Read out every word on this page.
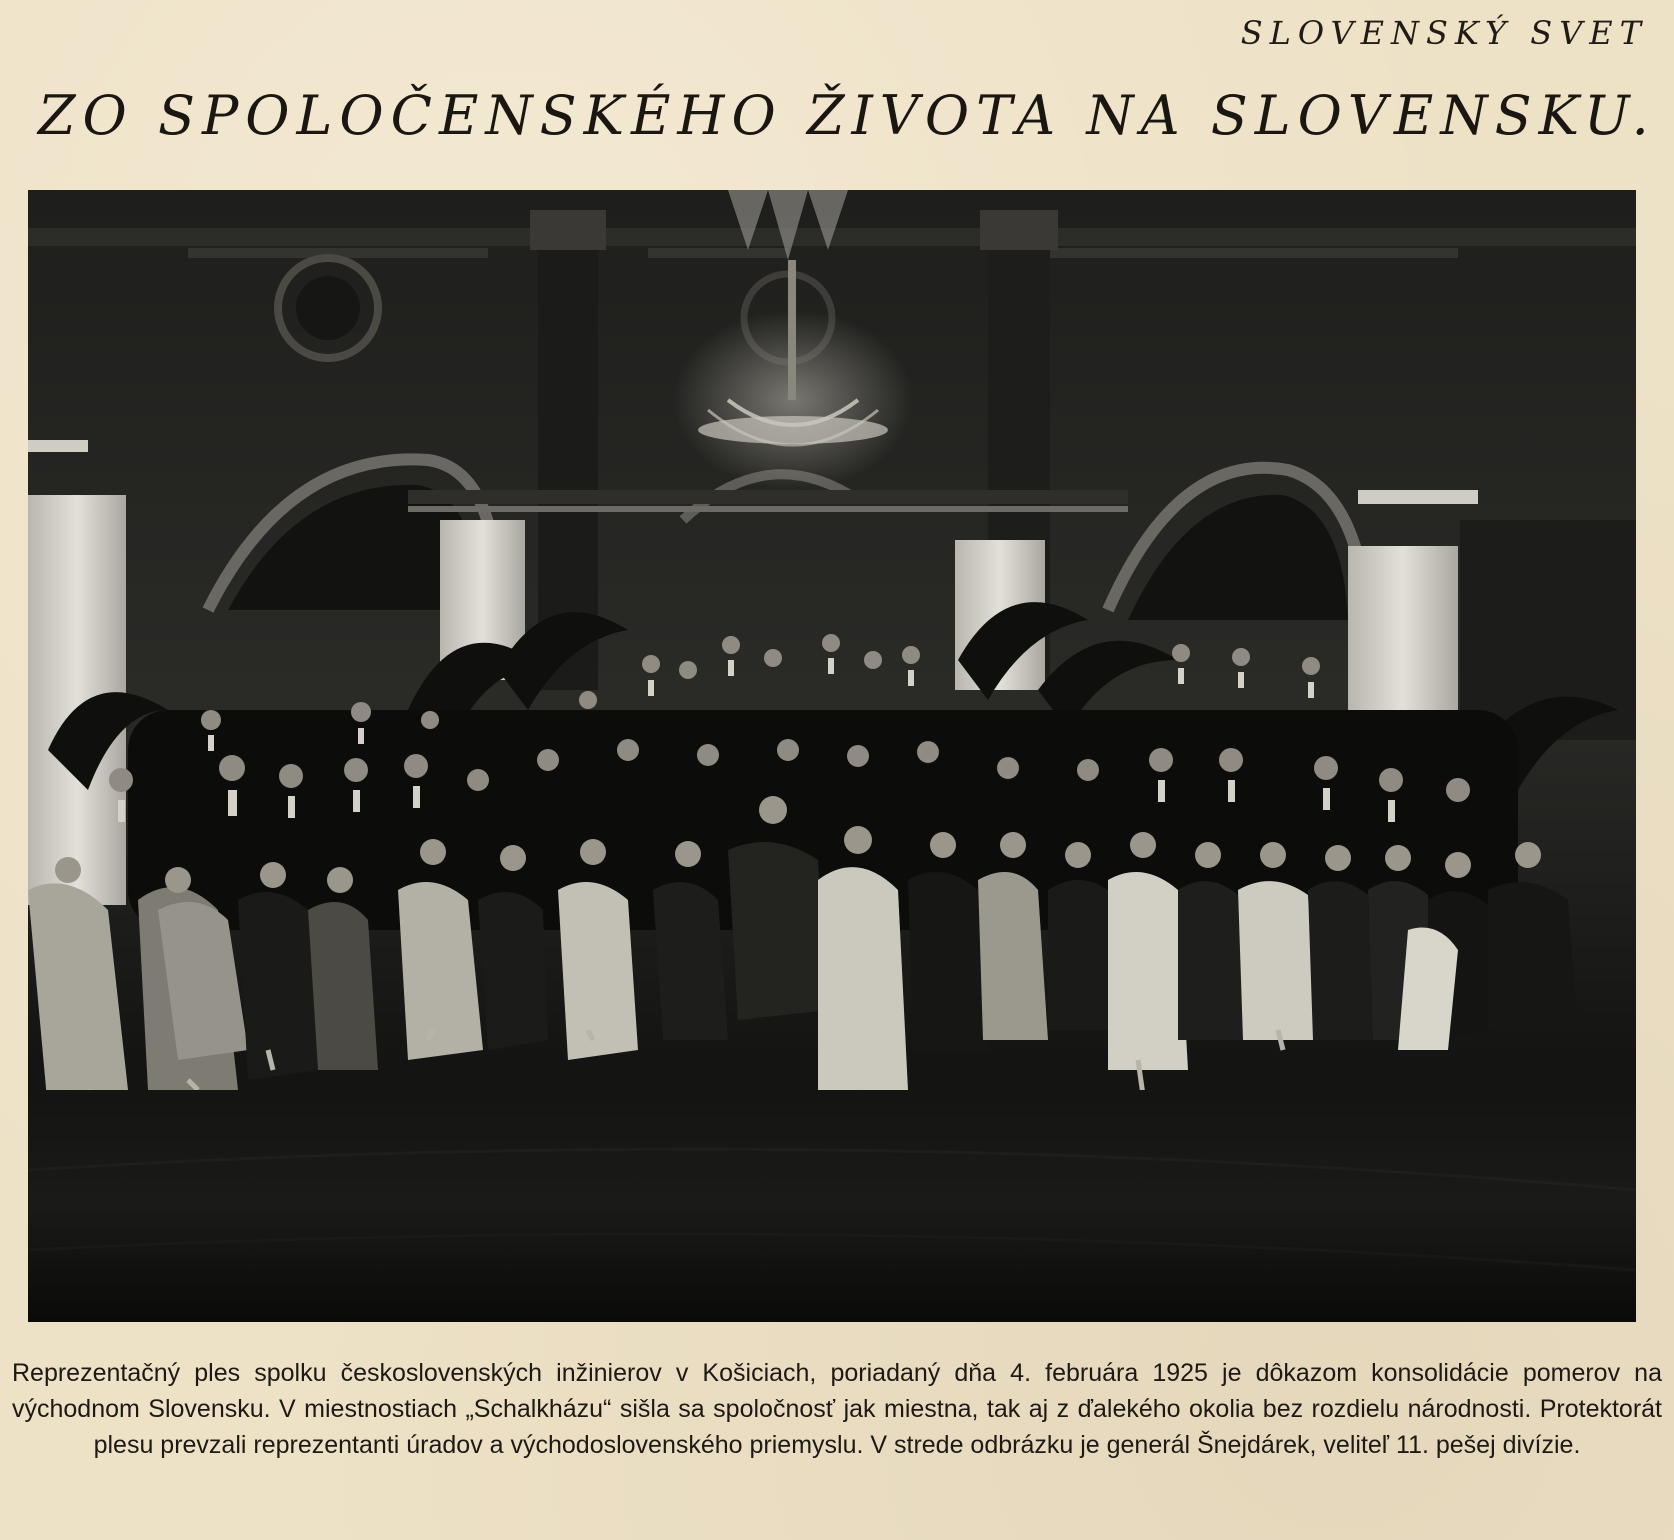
SLOVENSKÝ SVET
ZO SPOLOČENSKÉHO ŽIVOTA NA SLOVENSKU.
Reprezentačný ples spolku československých inžinierov v Košiciach, poriadaný dňa 4. februára 1925 je dôkazom konsolidácie pomerov na východnom Slovensku. V miestnostiach „Schalkházu“ sišla sa spoločnosť jak miestna, tak aj z ďalekého okolia bez rozdielu národnosti. Protektorát plesu prevzali reprezentanti úradov a východoslovenského priemyslu. V strede odbrázku je generál Šnejdárek, veliteľ 11. pešej divízie.
